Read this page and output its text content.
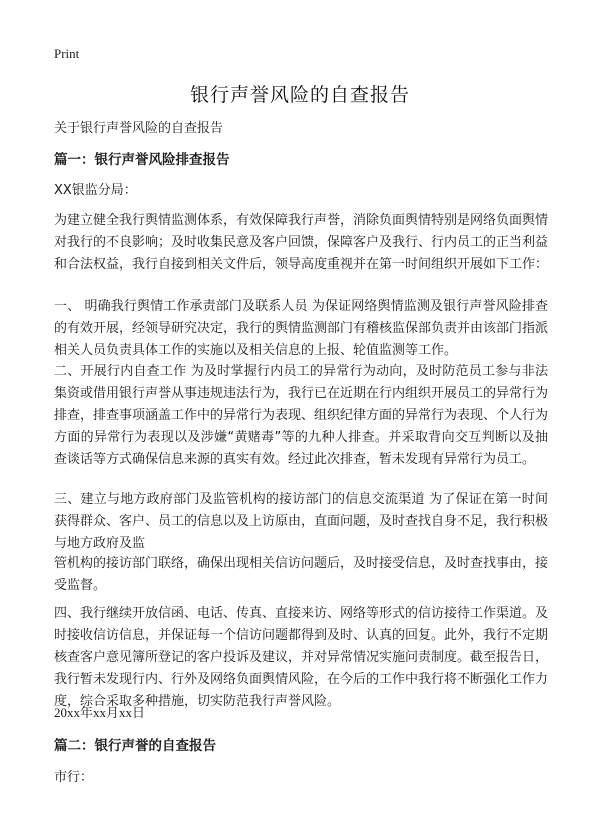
Print
银行声誉风险的自查报告
关于银行声誉风险的自查报告
篇一：银行声誉风险排查报告
XX银监分局：
为建立健全我行舆情监测体系，有效保障我行声誉，消除负面舆情特别是网络负面舆情对我行的不良影响；及时收集民意及客户回馈，保障客户及我行、行内员工的正当利益和合法权益，我行自接到相关文件后，领导高度重视并在第一时间组织开展如下工作：
一、 明确我行舆情工作承责部门及联系人员 为保证网络舆情监测及银行声誉风险排查的有效开展，经领导研究决定，我行的舆情监测部门有稽核监保部负责并由该部门指派相关人员负责具体工作的实施以及相关信息的上报、轮值监测等工作。
二、开展行内自查工作 为及时掌握行内员工的异常行为动向，及时防范员工参与非法集资或借用银行声誉从事违规违法行为，我行已在近期在行内组织开展员工的异常行为排查，排查事项涵盖工作中的异常行为表现、组织纪律方面的异常行为表现、个人行为方面的异常行为表现以及涉嫌“黄赌毒”等的九种人排查。并采取背向交互判断以及抽查谈话等方式确保信息来源的真实有效。经过此次排查，暂未发现有异常行为员工。
三、建立与地方政府部门及监管机构的接访部门的信息交流渠道 为了保证在第一时间获得群众、客户、员工的信息以及上访原由，直面问题，及时查找自身不足，我行积极与地方政府及监
管机构的接访部门联络，确保出现相关信访问题后，及时接受信息，及时查找事由，接受监督。
四、我行继续开放信函、电话、传真、直接来访、网络等形式的信访接待工作渠道。及时接收信访信息，并保证每一个信访问题都得到及时、认真的回复。此外，我行不定期核查客户意见簿所登记的客户投诉及建议，并对异常情况实施问责制度。截至报告日，我行暂未发现行内、行外及网络负面舆情风险，在今后的工作中我行将不断强化工作力度，综合采取多种措施，切实防范我行声誉风险。
20xx年xx月xx日
篇二：银行声誉的自查报告
市行：
